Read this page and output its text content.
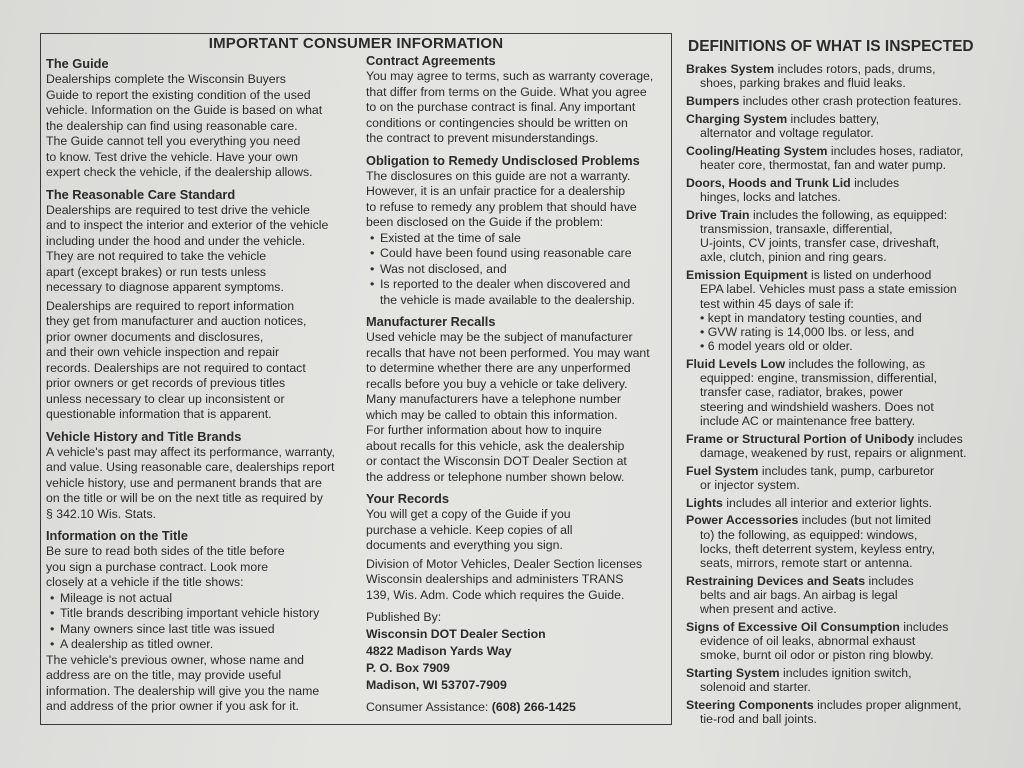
IMPORTANT CONSUMER INFORMATION
The Guide
Dealerships complete the Wisconsin Buyers
Guide to report the existing condition of the used
vehicle. Information on the Guide is based on what
the dealership can find using reasonable care.
The Guide cannot tell you everything you need
to know. Test drive the vehicle. Have your own
expert check the vehicle, if the dealership allows.
The Reasonable Care Standard
Dealerships are required to test drive the vehicle
and to inspect the interior and exterior of the vehicle
including under the hood and under the vehicle.
They are not required to take the vehicle
apart (except brakes) or run tests unless
necessary to diagnose apparent symptoms.
Dealerships are required to report information
they get from manufacturer and auction notices,
prior owner documents and disclosures,
and their own vehicle inspection and repair
records. Dealerships are not required to contact
prior owners or get records of previous titles
unless necessary to clear up inconsistent or
questionable information that is apparent.
Vehicle History and Title Brands
A vehicle's past may affect its performance, warranty,
and value. Using reasonable care, dealerships report
vehicle history, use and permanent brands that are
on the title or will be on the next title as required by
§ 342.10 Wis. Stats.
Information on the Title
Be sure to read both sides of the title before
you sign a purchase contract. Look more
closely at a vehicle if the title shows:
• Mileage is not actual
• Title brands describing important vehicle history
• Many owners since last title was issued
• A dealership as titled owner.
The vehicle's previous owner, whose name and
address are on the title, may provide useful
information. The dealership will give you the name
and address of the prior owner if you ask for it.
Contract Agreements
You may agree to terms, such as warranty coverage,
that differ from terms on the Guide. What you agree
to on the purchase contract is final. Any important
conditions or contingencies should be written on
the contract to prevent misunderstandings.
Obligation to Remedy Undisclosed Problems
The disclosures on this guide are not a warranty.
However, it is an unfair practice for a dealership
to refuse to remedy any problem that should have
been disclosed on the Guide if the problem:
• Existed at the time of sale
• Could have been found using reasonable care
• Was not disclosed, and
• Is reported to the dealer when discovered and
the vehicle is made available to the dealership.
Manufacturer Recalls
Used vehicle may be the subject of manufacturer
recalls that have not been performed. You may want
to determine whether there are any unperformed
recalls before you buy a vehicle or take delivery.
Many manufacturers have a telephone number
which may be called to obtain this information.
For further information about how to inquire
about recalls for this vehicle, ask the dealership
or contact the Wisconsin DOT Dealer Section at
the address or telephone number shown below.
Your Records
You will get a copy of the Guide if you
purchase a vehicle. Keep copies of all
documents and everything you sign.
Division of Motor Vehicles, Dealer Section licenses
Wisconsin dealerships and administers TRANS
139, Wis. Adm. Code which requires the Guide.
Published By:
Wisconsin DOT Dealer Section
4822 Madison Yards Way
P. O. Box 7909
Madison, WI 53707-7909
Consumer Assistance: (608) 266-1425
DEFINITIONS OF WHAT IS INSPECTED
Brakes System includes rotors, pads, drums,
shoes, parking brakes and fluid leaks.
Bumpers includes other crash protection features.
Charging System includes battery,
alternator and voltage regulator.
Cooling/Heating System includes hoses, radiator,
heater core, thermostat, fan and water pump.
Doors, Hoods and Trunk Lid includes
hinges, locks and latches.
Drive Train includes the following, as equipped:
transmission, transaxle, differential,
U-joints, CV joints, transfer case, driveshaft,
axle, clutch, pinion and ring gears.
Emission Equipment is listed on underhood
EPA label. Vehicles must pass a state emission
test within 45 days of sale if:
• kept in mandatory testing counties, and
• GVW rating is 14,000 lbs. or less, and
• 6 model years old or older.
Fluid Levels Low includes the following, as
equipped: engine, transmission, differential,
transfer case, radiator, brakes, power
steering and windshield washers. Does not
include AC or maintenance free battery.
Frame or Structural Portion of Unibody includes
damage, weakened by rust, repairs or alignment.
Fuel System includes tank, pump, carburetor
or injector system.
Lights includes all interior and exterior lights.
Power Accessories includes (but not limited
to) the following, as equipped: windows,
locks, theft deterrent system, keyless entry,
seats, mirrors, remote start or antenna.
Restraining Devices and Seats includes
belts and air bags. An airbag is legal
when present and active.
Signs of Excessive Oil Consumption includes
evidence of oil leaks, abnormal exhaust
smoke, burnt oil odor or piston ring blowby.
Starting System includes ignition switch,
solenoid and starter.
Steering Components includes proper alignment,
tie-rod and ball joints.
